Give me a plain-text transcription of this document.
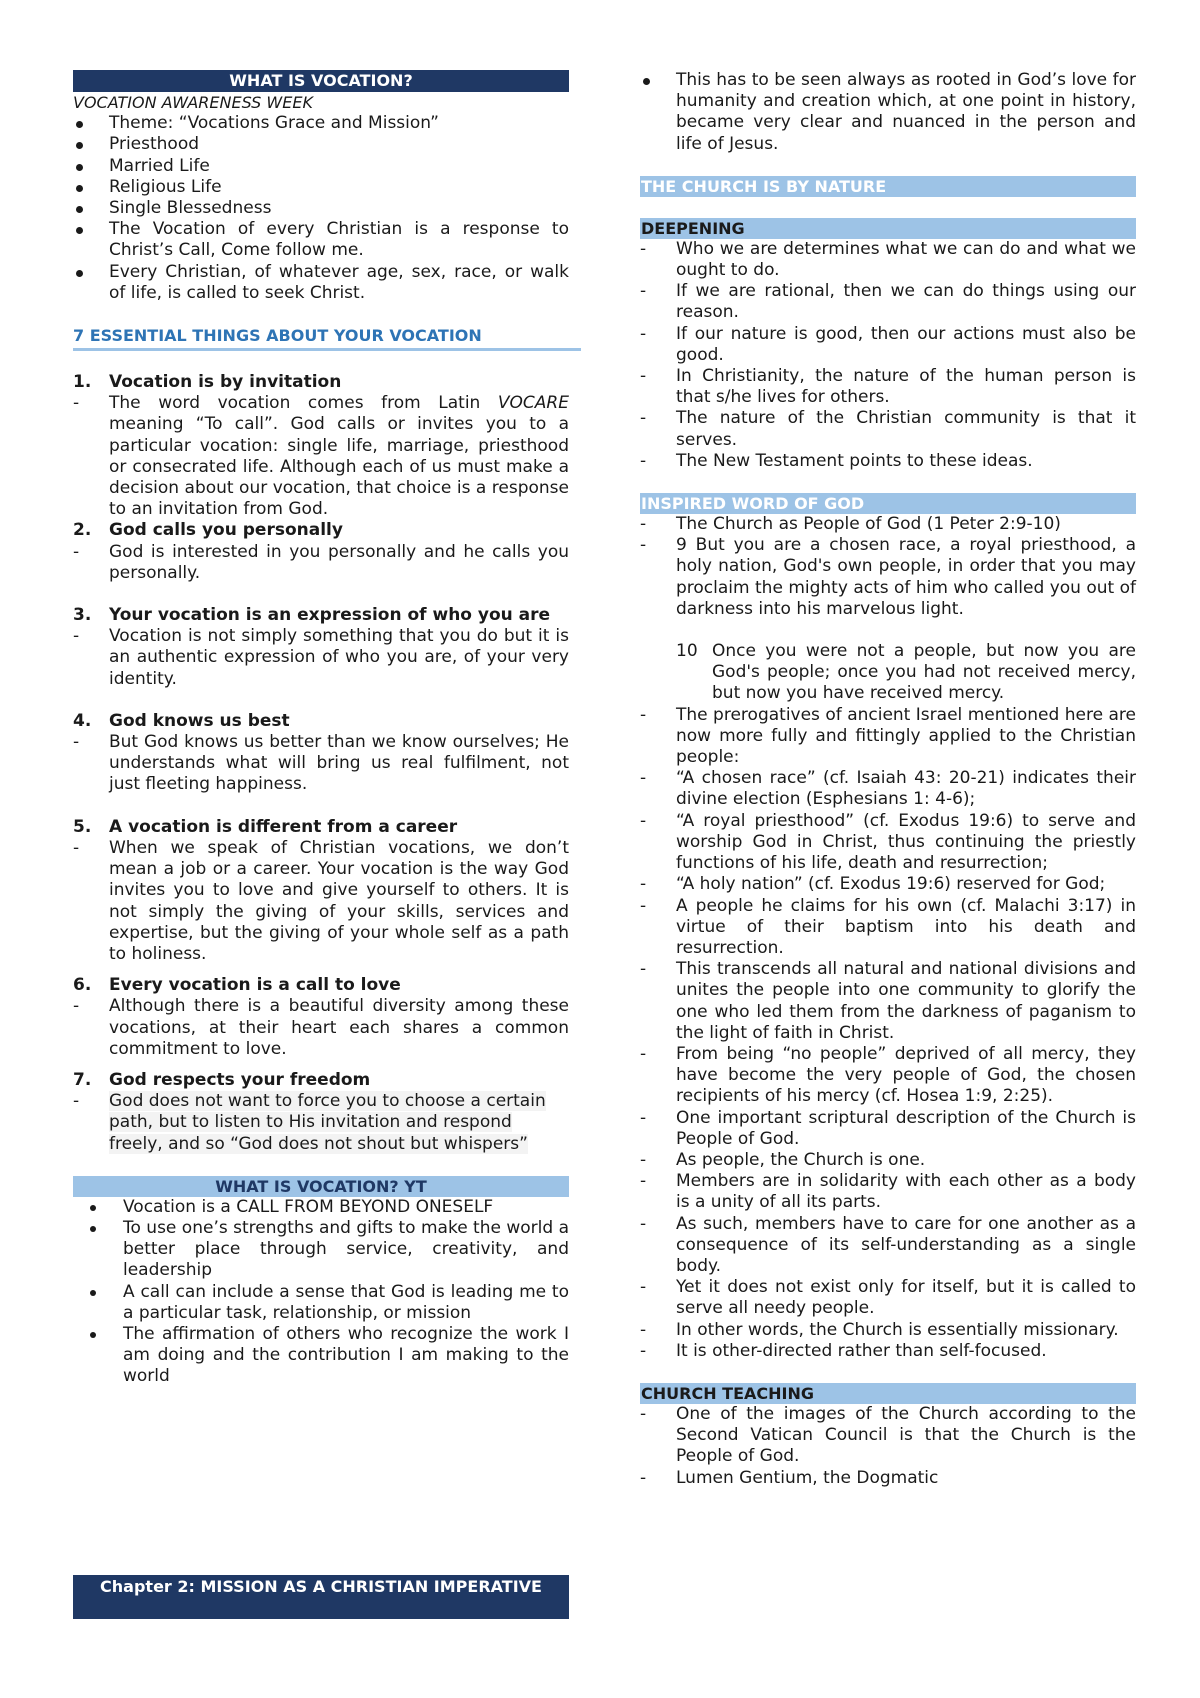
WHAT IS VOCATION?
VOCATION AWARENESS WEEK
Theme: “Vocations Grace and Mission”
Priesthood
Married Life
Religious Life
Single Blessedness
The Vocation of every Christian is a response to Christ’s Call, Come follow me.
Every Christian, of whatever age, sex, race, or walk of life, is called to seek Christ.
7 ESSENTIAL THINGS ABOUT YOUR VOCATION
1. Vocation is by invitation
- The word vocation comes from Latin VOCARE meaning “To call”. God calls or invites you to a particular vocation: single life, marriage, priesthood or consecrated life. Although each of us must make a decision about our vocation, that choice is a response to an invitation from God.
2. God calls you personally
- God is interested in you personally and he calls you personally.
3. Your vocation is an expression of who you are
- Vocation is not simply something that you do but it is an authentic expression of who you are, of your very identity.
4. God knows us best
- But God knows us better than we know ourselves; He understands what will bring us real fulfilment, not just fleeting happiness.
5. A vocation is different from a career
- When we speak of Christian vocations, we don’t mean a job or a career. Your vocation is the way God invites you to love and give yourself to others. It is not simply the giving of your skills, services and expertise, but the giving of your whole self as a path to holiness.
6. Every vocation is a call to love
- Although there is a beautiful diversity among these vocations, at their heart each shares a common commitment to love.
7. God respects your freedom
- God does not want to force you to choose a certain path, but to listen to His invitation and respond freely, and so “God does not shout but whispers”
WHAT IS VOCATION? YT
Vocation is a CALL FROM BEYOND ONESELF
To use one’s strengths and gifts to make the world a better place through service, creativity, and leadership
A call can include a sense that God is leading me to a particular task, relationship, or mission
The affirmation of others who recognize the work I am doing and the contribution I am making to the world
Chapter 2: MISSION AS A CHRISTIAN IMPERATIVE
This has to be seen always as rooted in God’s love for humanity and creation which, at one point in history, became very clear and nuanced in the person and life of Jesus.
THE CHURCH IS BY NATURE
DEEPENING
- Who we are determines what we can do and what we ought to do.
- If we are rational, then we can do things using our reason.
- If our nature is good, then our actions must also be good.
- In Christianity, the nature of the human person is that s/he lives for others.
- The nature of the Christian community is that it serves.
- The New Testament points to these ideas.
INSPIRED WORD OF GOD
- The Church as People of God (1 Peter 2:9-10)
- 9 But you are a chosen race, a royal priesthood, a holy nation, God's own people, in order that you may proclaim the mighty acts of him who called you out of darkness into his marvelous light.
10 Once you were not a people, but now you are God's people; once you had not received mercy, but now you have received mercy.
- The prerogatives of ancient Israel mentioned here are now more fully and fittingly applied to the Christian people:
- “A chosen race” (cf. Isaiah 43: 20-21) indicates their divine election (Esphesians 1: 4-6);
- “A royal priesthood” (cf. Exodus 19:6) to serve and worship God in Christ, thus continuing the priestly functions of his life, death and resurrection;
- “A holy nation” (cf. Exodus 19:6) reserved for God;
- A people he claims for his own (cf. Malachi 3:17) in virtue of their baptism into his death and resurrection.
- This transcends all natural and national divisions and unites the people into one community to glorify the one who led them from the darkness of paganism to the light of faith in Christ.
- From being “no people” deprived of all mercy, they have become the very people of God, the chosen recipients of his mercy (cf. Hosea 1:9, 2:25).
- One important scriptural description of the Church is People of God.
- As people, the Church is one.
- Members are in solidarity with each other as a body is a unity of all its parts.
- As such, members have to care for one another as a consequence of its self-understanding as a single body.
- Yet it does not exist only for itself, but it is called to serve all needy people.
- In other words, the Church is essentially missionary.
- It is other-directed rather than self-focused.
CHURCH TEACHING
- One of the images of the Church according to the Second Vatican Council is that the Church is the People of God.
- Lumen Gentium, the Dogmatic
